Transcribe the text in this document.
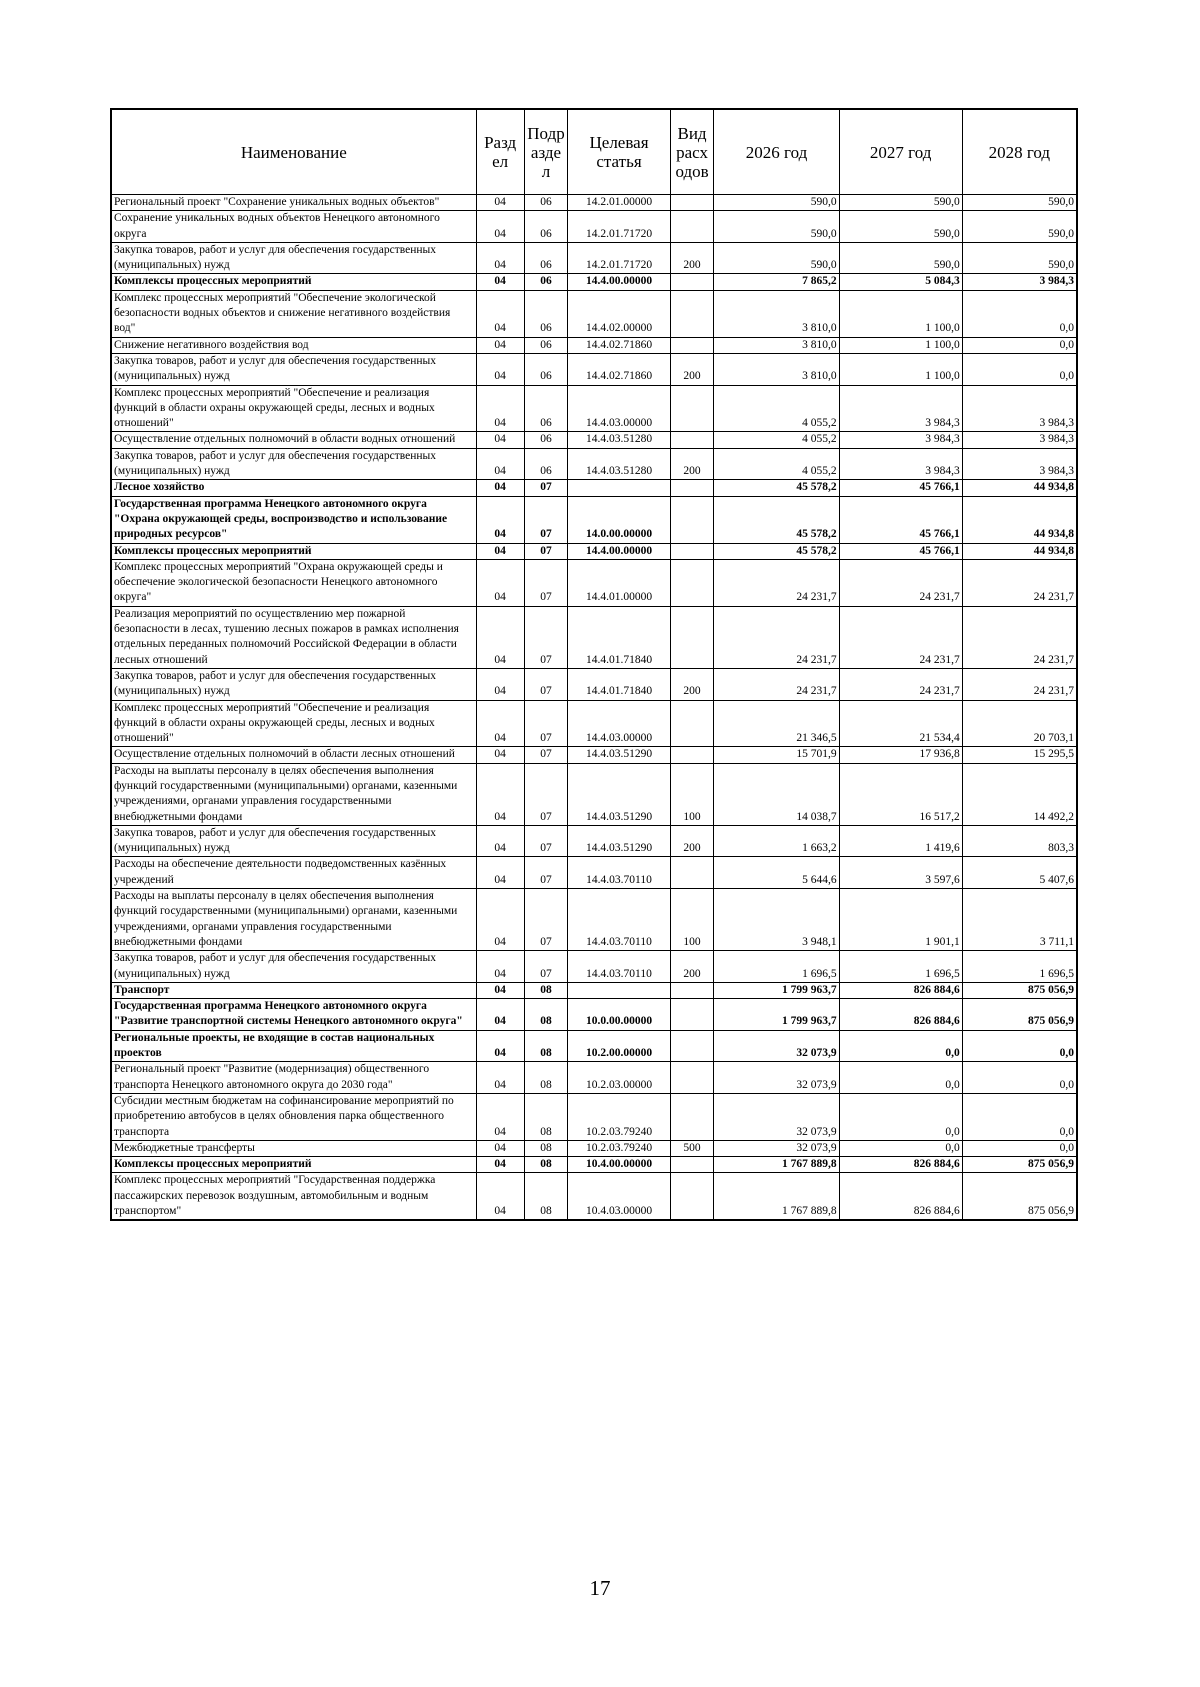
Наименование	Разд ел	Подр азде л	Целевая статья	Вид расх одов	2026 год	2027 год	2028 год
Региональный проект "Сохранение уникальных водных объектов"	04	06	14.2.01.00000		590,0	590,0	590,0
Сохранение уникальных водных объектов Ненецкого автономного округа	04	06	14.2.01.71720		590,0	590,0	590,0
Закупка товаров, работ и услуг для обеспечения государственных (муниципальных) нужд	04	06	14.2.01.71720	200	590,0	590,0	590,0
Комплексы процессных мероприятий	04	06	14.4.00.00000		7 865,2	5 084,3	3 984,3
Комплекс процессных мероприятий "Обеспечение экологической безопасности водных объектов и снижение негативного воздействия вод"	04	06	14.4.02.00000		3 810,0	1 100,0	0,0
Снижение негативного воздействия вод	04	06	14.4.02.71860		3 810,0	1 100,0	0,0
Закупка товаров, работ и услуг для обеспечения государственных (муниципальных) нужд	04	06	14.4.02.71860	200	3 810,0	1 100,0	0,0
Комплекс процессных мероприятий "Обеспечение и реализация функций в области охраны окружающей среды, лесных и водных отношений"	04	06	14.4.03.00000		4 055,2	3 984,3	3 984,3
Осуществление отдельных полномочий в области водных отношений	04	06	14.4.03.51280		4 055,2	3 984,3	3 984,3
Закупка товаров, работ и услуг для обеспечения государственных (муниципальных) нужд	04	06	14.4.03.51280	200	4 055,2	3 984,3	3 984,3
Лесное хозяйство	04	07			45 578,2	45 766,1	44 934,8
Государственная программа Ненецкого автономного округа "Охрана окружающей среды, воспроизводство и использование природных ресурсов"	04	07	14.0.00.00000		45 578,2	45 766,1	44 934,8
Комплексы процессных мероприятий	04	07	14.4.00.00000		45 578,2	45 766,1	44 934,8
Комплекс процессных мероприятий "Охрана окружающей среды и обеспечение экологической безопасности Ненецкого автономного округа"	04	07	14.4.01.00000		24 231,7	24 231,7	24 231,7
Реализация мероприятий по осуществлению мер пожарной безопасности в лесах, тушению лесных пожаров в рамках исполнения отдельных переданных полномочий Российской Федерации в области лесных отношений	04	07	14.4.01.71840		24 231,7	24 231,7	24 231,7
Закупка товаров, работ и услуг для обеспечения государственных (муниципальных) нужд	04	07	14.4.01.71840	200	24 231,7	24 231,7	24 231,7
Комплекс процессных мероприятий "Обеспечение и реализация функций в области охраны окружающей среды, лесных и водных отношений"	04	07	14.4.03.00000		21 346,5	21 534,4	20 703,1
Осуществление отдельных полномочий в области лесных отношений	04	07	14.4.03.51290		15 701,9	17 936,8	15 295,5
Расходы на выплаты персоналу в целях обеспечения выполнения функций государственными (муниципальными) органами, казенными учреждениями, органами управления государственными внебюджетными фондами	04	07	14.4.03.51290	100	14 038,7	16 517,2	14 492,2
Закупка товаров, работ и услуг для обеспечения государственных (муниципальных) нужд	04	07	14.4.03.51290	200	1 663,2	1 419,6	803,3
Расходы на обеспечение деятельности подведомственных казённых учреждений	04	07	14.4.03.70110		5 644,6	3 597,6	5 407,6
Расходы на выплаты персоналу в целях обеспечения выполнения функций государственными (муниципальными) органами, казенными учреждениями, органами управления государственными внебюджетными фондами	04	07	14.4.03.70110	100	3 948,1	1 901,1	3 711,1
Закупка товаров, работ и услуг для обеспечения государственных (муниципальных) нужд	04	07	14.4.03.70110	200	1 696,5	1 696,5	1 696,5
Транспорт	04	08			1 799 963,7	826 884,6	875 056,9
Государственная программа Ненецкого автономного округа "Развитие транспортной системы Ненецкого автономного округа"	04	08	10.0.00.00000		1 799 963,7	826 884,6	875 056,9
Региональные проекты, не входящие в состав национальных проектов	04	08	10.2.00.00000		32 073,9	0,0	0,0
Региональный проект "Развитие (модернизация) общественного транспорта Ненецкого автономного округа до 2030 года"	04	08	10.2.03.00000		32 073,9	0,0	0,0
Субсидии местным бюджетам на софинансирование мероприятий по приобретению автобусов в целях обновления парка общественного транспорта	04	08	10.2.03.79240		32 073,9	0,0	0,0
Межбюджетные трансферты	04	08	10.2.03.79240	500	32 073,9	0,0	0,0
Комплексы процессных мероприятий	04	08	10.4.00.00000		1 767 889,8	826 884,6	875 056,9
Комплекс процессных мероприятий "Государственная поддержка пассажирских перевозок воздушным, автомобильным и водным транспортом"	04	08	10.4.03.00000		1 767 889,8	826 884,6	875 056,9
17
